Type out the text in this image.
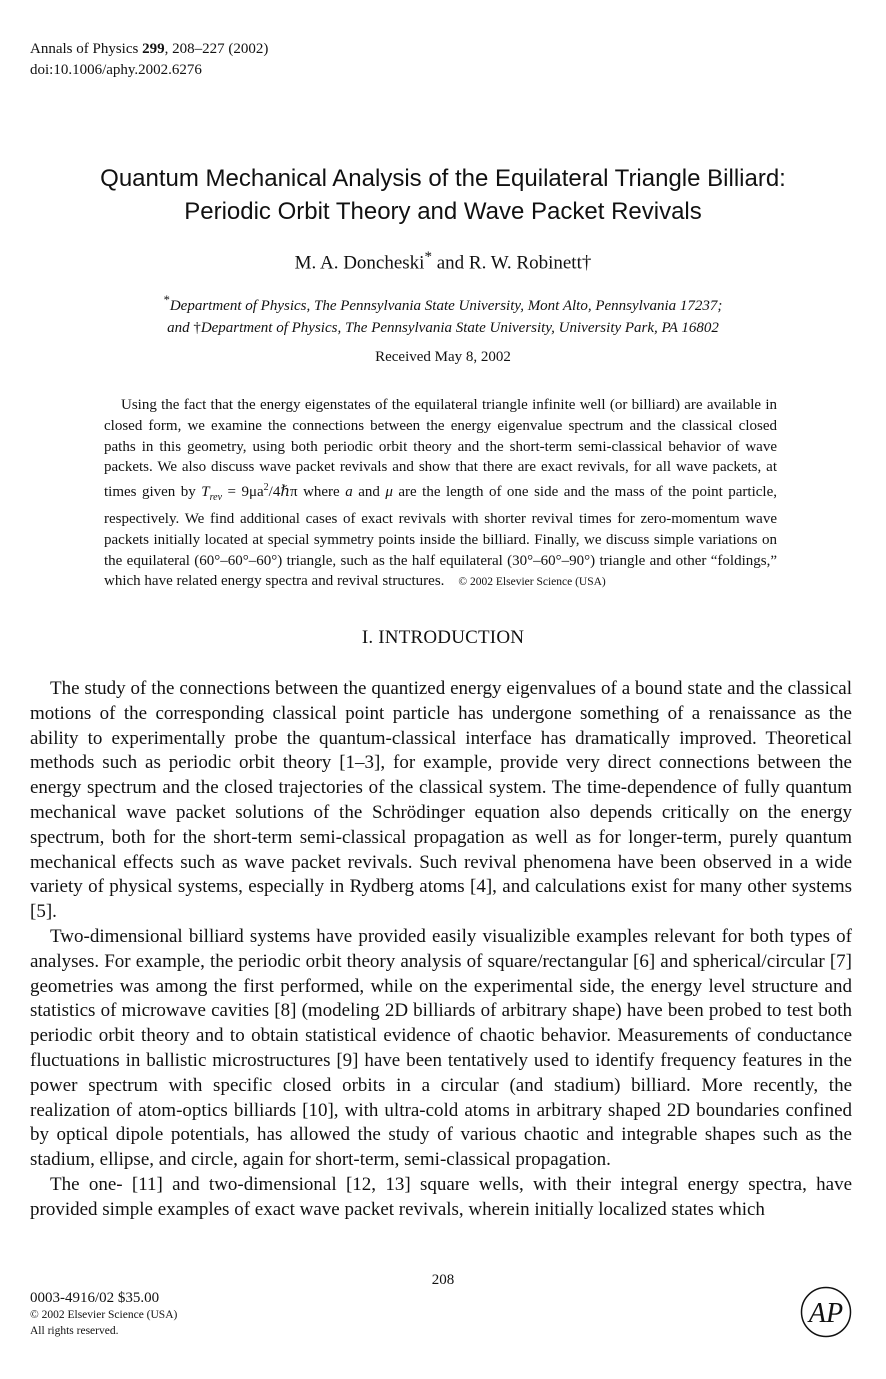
Annals of Physics 299, 208–227 (2002)
doi:10.1006/aphy.2002.6276
Quantum Mechanical Analysis of the Equilateral Triangle Billiard:
Periodic Orbit Theory and Wave Packet Revivals
M. A. Doncheski* and R. W. Robinett†
*Department of Physics, The Pennsylvania State University, Mont Alto, Pennsylvania 17237;
and †Department of Physics, The Pennsylvania State University, University Park, PA 16802
Received May 8, 2002

Using the fact that the energy eigenstates of the equilateral triangle infinite well (or billiard) are available in closed form, we examine the connections between the energy eigenvalue spectrum and the classical closed paths in this geometry, using both periodic orbit theory and the short-term semi-classical behavior of wave packets. We also discuss wave packet revivals and show that there are exact revivals, for all wave packets, at times given by $T_{rev}$ = $9\mu a^2/4\hbar\pi$ where a and μ are the length of one side and the mass of the point particle, respectively. We find additional cases of exact revivals with shorter revival times for zero-momentum wave packets initially located at special symmetry points inside the billiard. Finally, we discuss simple variations on the equilateral (60°–60°–60°) triangle, such as the half equilateral (30°–60°–90°) triangle and other “foldings,” which have related energy spectra and revival structures. © 2002 Elsevier Science (USA)

I. INTRODUCTION

The study of the connections between the quantized energy eigenvalues of a bound state and the classical motions of the corresponding classical point particle has undergone something of a renaissance as the ability to experimentally probe the quantum-classical interface has dramatically improved. Theoretical methods such as periodic orbit theory [1–3], for example, provide very direct connections between the energy spectrum and the closed trajectories of the classical system. The time-dependence of fully quantum mechanical wave packet solutions of the Schrödinger equation also depends critically on the energy spectrum, both for the short-term semi-classical propagation as well as for longer-term, purely quantum mechanical effects such as wave packet revivals. Such revival phenomena have been observed in a wide variety of physical systems, especially in Rydberg atoms [4], and calculations exist for many other systems [5].

Two-dimensional billiard systems have provided easily visualizible examples relevant for both types of analyses. For example, the periodic orbit theory analysis of square/rectangular [6] and spherical/circular [7] geometries was among the first performed, while on the experimental side, the energy level structure and statistics of microwave cavities [8] (modeling 2D billiards of arbitrary shape) have been probed to test both periodic orbit theory and to obtain statistical evidence of chaotic behavior. Measurements of conductance fluctuations in ballistic microstructures [9] have been tentatively used to identify frequency features in the power spectrum with specific closed orbits in a circular (and stadium) billiard. More recently, the realization of atom-optics billiards [10], with ultra-cold atoms in arbitrary shaped 2D boundaries confined by optical dipole potentials, has allowed the study of various chaotic and integrable shapes such as the stadium, ellipse, and circle, again for short-term, semi-classical propagation.

The one- [11] and two-dimensional [12, 13] square wells, with their integral energy spectra, have provided simple examples of exact wave packet revivals, wherein initially localized states which

208
0003-4916/02 $35.00
© 2002 Elsevier Science (USA)
All rights reserved.
AP
